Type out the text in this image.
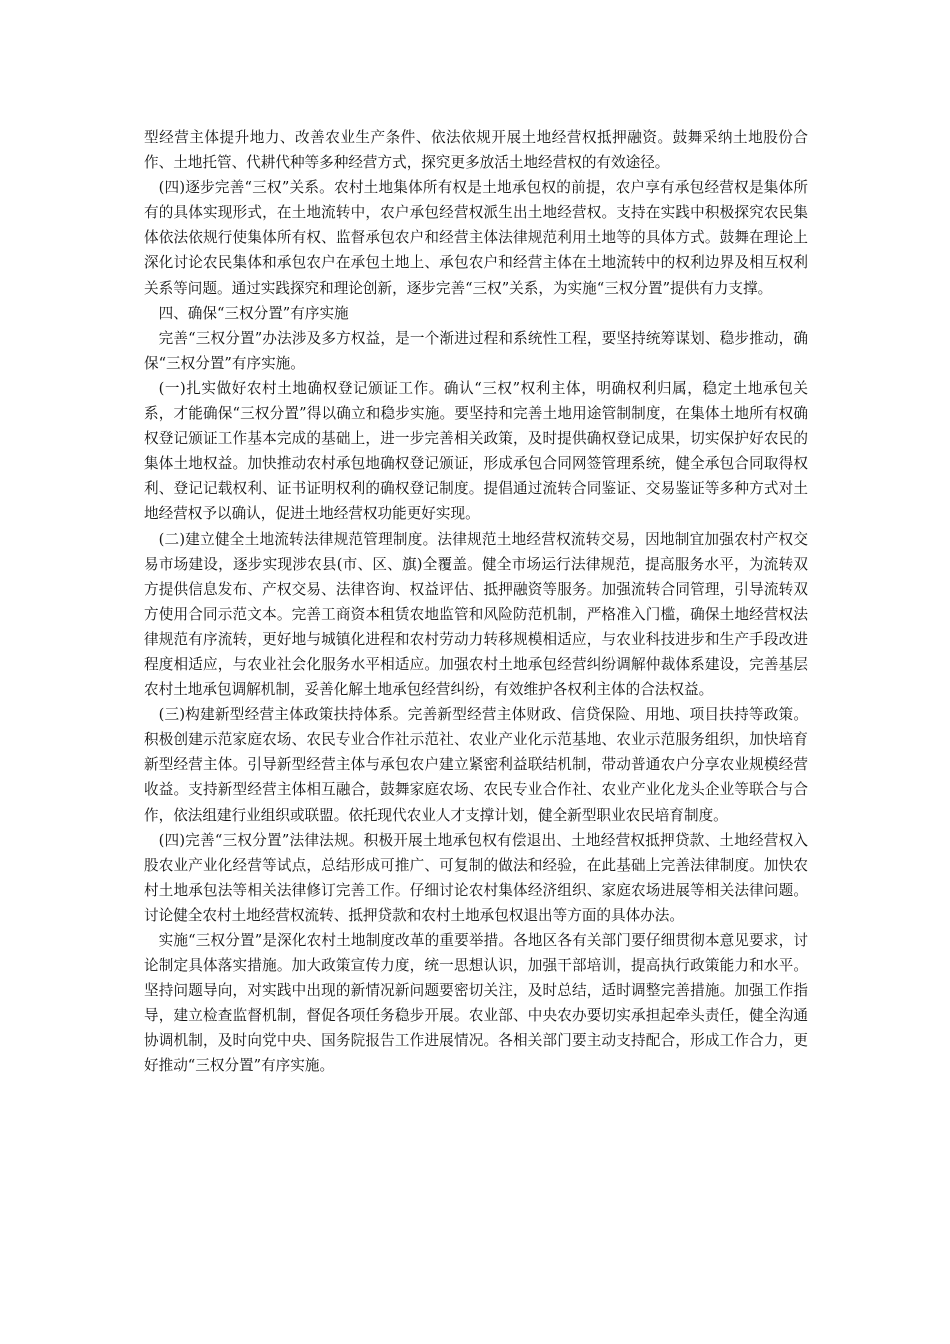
型经营主体提升地力、改善农业生产条件、依法依规开展土地经营权抵押融资。鼓舞采纳土地股份合作、土地托管、代耕代种等多种经营方式，探究更多放活土地经营权的有效途径。

(四)逐步完善“三权”关系。农村土地集体所有权是土地承包权的前提，农户享有承包经营权是集体所有的具体实现形式，在土地流转中，农户承包经营权派生出土地经营权。支持在实践中积极探究农民集体依法依规行使集体所有权、监督承包农户和经营主体法律规范利用土地等的具体方式。鼓舞在理论上深化讨论农民集体和承包农户在承包土地上、承包农户和经营主体在土地流转中的权利边界及相互权利关系等问题。通过实践探究和理论创新，逐步完善“三权”关系，为实施“三权分置”提供有力支撑。

四、确保“三权分置”有序实施

完善“三权分置”办法涉及多方权益，是一个渐进过程和系统性工程，要坚持统筹谋划、稳步推动，确保“三权分置”有序实施。

(一)扎实做好农村土地确权登记颁证工作。确认“三权”权利主体，明确权利归属，稳定土地承包关系，才能确保“三权分置”得以确立和稳步实施。要坚持和完善土地用途管制制度，在集体土地所有权确权登记颁证工作基本完成的基础上，进一步完善相关政策，及时提供确权登记成果，切实保护好农民的集体土地权益。加快推动农村承包地确权登记颁证，形成承包合同网签管理系统，健全承包合同取得权利、登记记载权利、证书证明权利的确权登记制度。提倡通过流转合同鉴证、交易鉴证等多种方式对土地经营权予以确认，促进土地经营权功能更好实现。

(二)建立健全土地流转法律规范管理制度。法律规范土地经营权流转交易，因地制宜加强农村产权交易市场建设，逐步实现涉农县(市、区、旗)全覆盖。健全市场运行法律规范，提高服务水平，为流转双方提供信息发布、产权交易、法律咨询、权益评估、抵押融资等服务。加强流转合同管理，引导流转双方使用合同示范文本。完善工商资本租赁农地监管和风险防范机制，严格准入门槛，确保土地经营权法律规范有序流转，更好地与城镇化进程和农村劳动力转移规模相适应，与农业科技进步和生产手段改进程度相适应，与农业社会化服务水平相适应。加强农村土地承包经营纠纷调解仲裁体系建设，完善基层农村土地承包调解机制，妥善化解土地承包经营纠纷，有效维护各权利主体的合法权益。

(三)构建新型经营主体政策扶持体系。完善新型经营主体财政、信贷保险、用地、项目扶持等政策。积极创建示范家庭农场、农民专业合作社示范社、农业产业化示范基地、农业示范服务组织，加快培育新型经营主体。引导新型经营主体与承包农户建立紧密利益联结机制，带动普通农户分享农业规模经营收益。支持新型经营主体相互融合，鼓舞家庭农场、农民专业合作社、农业产业化龙头企业等联合与合作，依法组建行业组织或联盟。依托现代农业人才支撑计划，健全新型职业农民培育制度。

(四)完善“三权分置”法律法规。积极开展土地承包权有偿退出、土地经营权抵押贷款、土地经营权入股农业产业化经营等试点，总结形成可推广、可复制的做法和经验，在此基础上完善法律制度。加快农村土地承包法等相关法律修订完善工作。仔细讨论农村集体经济组织、家庭农场进展等相关法律问题。讨论健全农村土地经营权流转、抵押贷款和农村土地承包权退出等方面的具体办法。

实施“三权分置”是深化农村土地制度改革的重要举措。各地区各有关部门要仔细贯彻本意见要求，讨论制定具体落实措施。加大政策宣传力度，统一思想认识，加强干部培训，提高执行政策能力和水平。坚持问题导向，对实践中出现的新情况新问题要密切关注，及时总结，适时调整完善措施。加强工作指导，建立检查监督机制，督促各项任务稳步开展。农业部、中央农办要切实承担起牵头责任，健全沟通协调机制，及时向党中央、国务院报告工作进展情况。各相关部门要主动支持配合，形成工作合力，更好推动“三权分置”有序实施。
